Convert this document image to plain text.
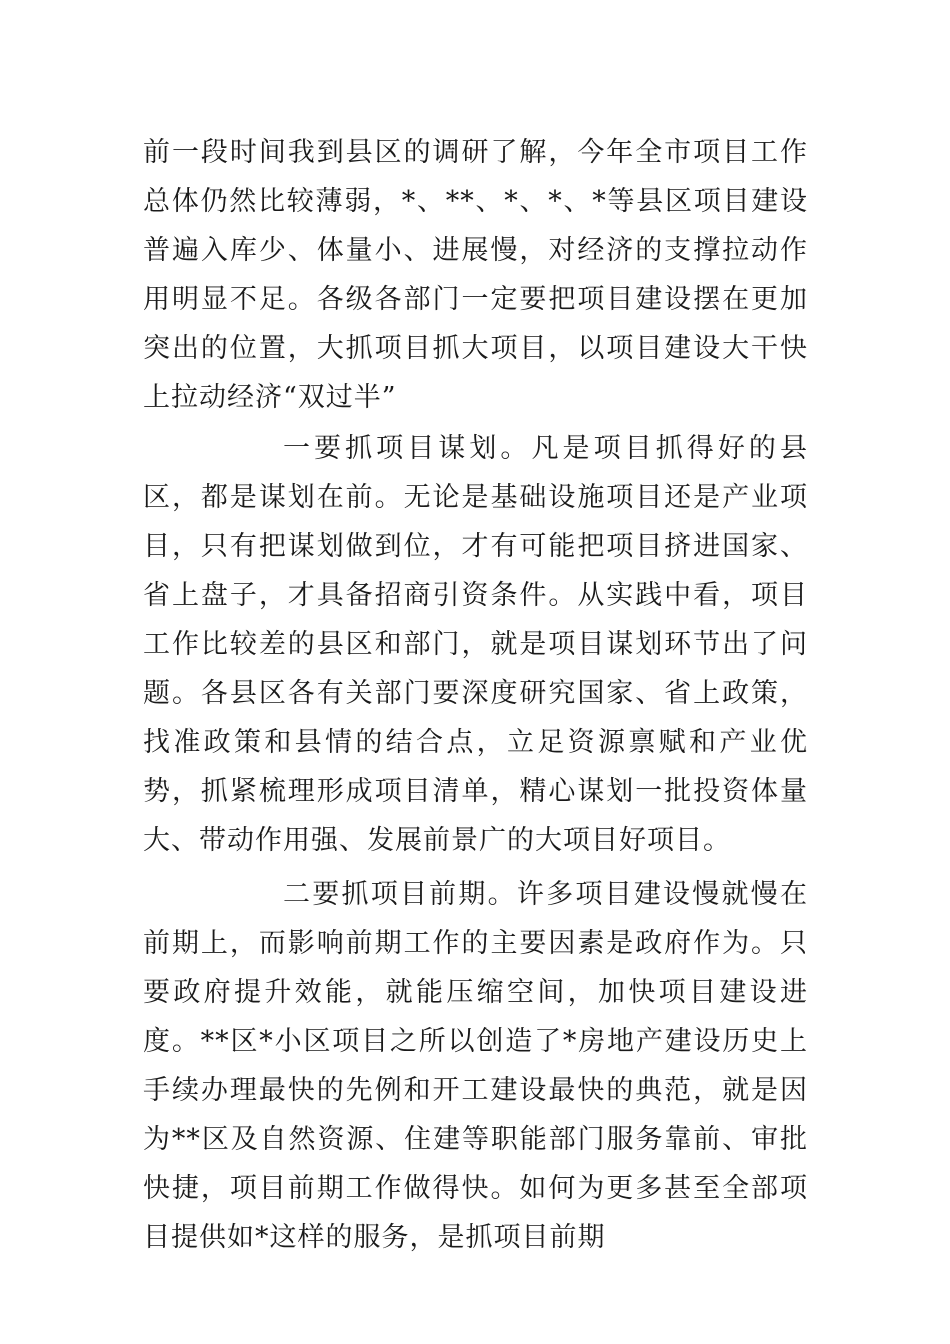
前一段时间我到县区的调研了解，今年全市项目工作总体仍然比较薄弱，*、**、*、*、*等县区项目建设普遍入库少、体量小、进展慢，对经济的支撑拉动作用明显不足。各级各部门一定要把项目建设摆在更加突出的位置，大抓项目抓大项目，以项目建设大干快上拉动经济“双过半”

一要抓项目谋划。凡是项目抓得好的县区，都是谋划在前。无论是基础设施项目还是产业项目，只有把谋划做到位，才有可能把项目挤进国家、省上盘子，才具备招商引资条件。从实践中看，项目工作比较差的县区和部门，就是项目谋划环节出了问题。各县区各有关部门要深度研究国家、省上政策，找准政策和县情的结合点，立足资源禀赋和产业优势，抓紧梳理形成项目清单，精心谋划一批投资体量大、带动作用强、发展前景广的大项目好项目。

二要抓项目前期。许多项目建设慢就慢在前期上，而影响前期工作的主要因素是政府作为。只要政府提升效能，就能压缩空间，加快项目建设进度。**区*小区项目之所以创造了*房地产建设历史上手续办理最快的先例和开工建设最快的典范，就是因为**区及自然资源、住建等职能部门服务靠前、审批快捷，项目前期工作做得快。如何为更多甚至全部项目提供如*这样的服务，是抓项目前期
